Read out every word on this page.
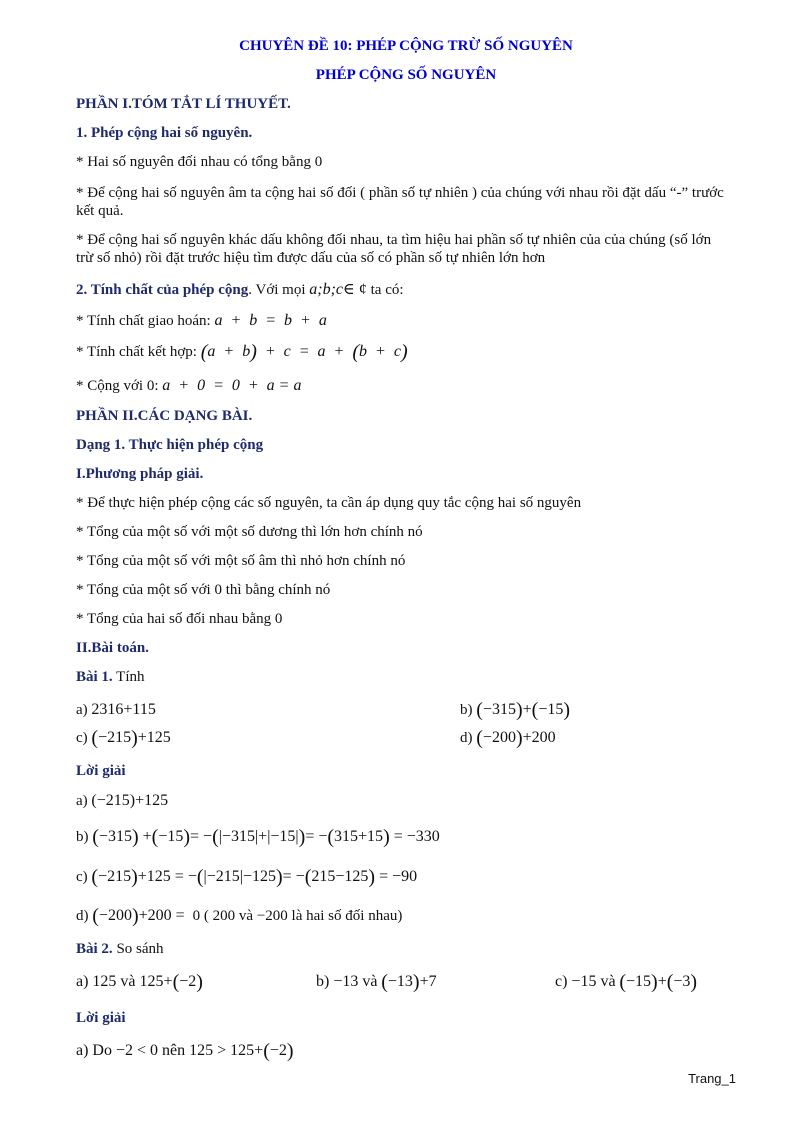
CHUYÊN ĐỀ 10: PHÉP CỘNG TRỪ SỐ NGUYÊN
PHÉP CỘNG SỐ NGUYÊN
PHẦN I.TÓM TẮT LÍ THUYẾT.
1. Phép cộng hai số nguyên.
* Hai số nguyên đối nhau có tổng bằng 0
* Để cộng hai số nguyên âm ta cộng hai số đối ( phần số tự nhiên ) của chúng với nhau rồi đặt dấu “-” trước kết quả.
* Để cộng hai số nguyên khác dấu không đối nhau, ta tìm hiệu hai phần số tự nhiên của của chúng (số lớn trừ số nhỏ) rồi đặt trước hiệu tìm được dấu của số có phần số tự nhiên lớn hơn
2. Tính chất của phép cộng. Với mọi a;b;c∈ ¢ ta có:
* Tính chất giao hoán: a  +  b  =  b  +  a
* Tính chất kết hợp: (a  +  b)  +  c  =  a  +  (b  +  c)
* Cộng với 0: a  +  0  =  0  +  a = a
PHẦN II.CÁC DẠNG BÀI.
Dạng 1. Thực hiện phép cộng
I.Phương pháp giải.
* Để thực hiện phép cộng các số nguyên, ta cần áp dụng quy tắc cộng hai số nguyên
* Tổng của một số với một số dương thì lớn hơn chính nó
* Tổng của một số với một số âm thì nhỏ hơn chính nó
* Tổng của một số với 0 thì bằng chính nó
* Tổng của hai số đối nhau bằng 0
II.Bài toán.
Bài 1. Tính
a) 2316+115	b) (−315)+(−15)
c) (−215)+125	d) (−200)+200
Lời giải
a) (−215)+125
b) (−315) +(−15)= −(|−315|+|−15|)= −(315+15) = −330
c) (−215)+125 = −(|−215|−125)= −(215−125) = −90
d) (−200)+200 =  0 ( 200 và −200 là hai số đối nhau)
Bài 2. So sánh
a) 125 và 125+(−2)	b) −13 và (−13)+7	c) −15 và (−15)+(−3)
Lời giải
a) Do −2 < 0 nên 125 > 125+(−2)
Trang_1
